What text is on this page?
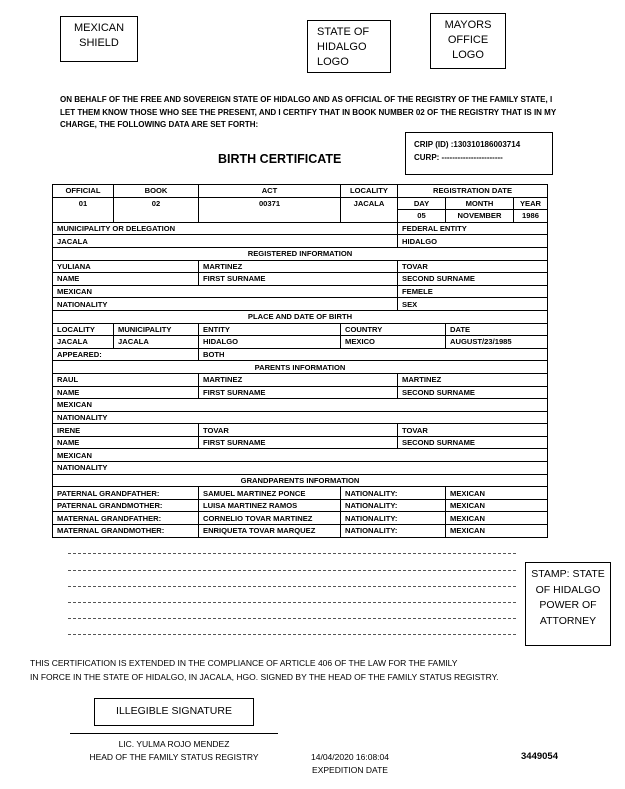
MEXICAN SHIELD
STATE OF HIDALGO LOGO
MAYORS OFFICE LOGO
ON BEHALF OF THE FREE AND SOVEREIGN STATE OF HIDALGO AND AS OFFICIAL OF THE REGISTRY OF THE FAMILY STATE, I LET THEM KNOW THOSE WHO SEE THE PRESENT, AND I CERTIFY THAT IN BOOK NUMBER 02 OF THE REGISTRY THAT IS IN MY CHARGE, THE FOLLOWING DATA ARE SET FORTH:
BIRTH CERTIFICATE
CRIP (ID) :130310186003714
CURP: -----------------------
OFFICIAL	BOOK	ACT	LOCALITY	REGISTRATION DATE		
01	02	00371	JACALA	DAY	MONTH	YEAR
				05	NOVEMBER	1986
MUNICIPALITY OR DELEGATION				FEDERAL ENTITY		
JACALA				HIDALGO		
REGISTERED INFORMATION						
YULIANA		MARTINEZ		TOVAR		
NAME		FIRST SURNAME		SECOND SURNAME		
MEXICAN				FEMELE		
NATIONALITY				SEX		
PLACE AND DATE OF BIRTH						
LOCALITY	MUNICIPALITY	ENTITY	COUNTRY		DATE	
JACALA	JACALA	HIDALGO	MEXICO		AUGUST/23/1985	
APPEARED:		BOTH				
PARENTS INFORMATION						
RAUL		MARTINEZ		MARTINEZ		
NAME		FIRST SURNAME		SECOND SURNAME		
MEXICAN						
NATIONALITY						
IRENE		TOVAR		TOVAR		
NAME		FIRST SURNAME		SECOND SURNAME		
MEXICAN						
NATIONALITY						
GRANDPARENTS INFORMATION						
PATERNAL GRANDFATHER:		SAMUEL MARTINEZ PONCE	NATIONALITY:		MEXICAN	
PATERNAL GRANDMOTHER:		LUISA MARTINEZ RAMOS	NATIONALITY:		MEXICAN	
MATERNAL GRANDFATHER:		CORNELIO TOVAR MARTINEZ	NATIONALITY:		MEXICAN	
MATERNAL GRANDMOTHER:		ENRIQUETA TOVAR MARQUEZ	NATIONALITY:		MEXICAN	
STAMP: STATE OF HIDALGO POWER OF ATTORNEY
THIS CERTIFICATION IS EXTENDED IN THE COMPLIANCE OF ARTICLE 406 OF THE LAW FOR THE FAMILY
IN FORCE IN THE STATE OF HIDALGO, IN JACALA, HGO. SIGNED BY THE HEAD OF THE FAMILY STATUS REGISTRY.
ILLEGIBLE SIGNATURE
LIC. YULMA ROJO MENDEZ
HEAD OF THE FAMILY STATUS REGISTRY	14/04/2020 16:08:04
EXPEDITION DATE
3449054
